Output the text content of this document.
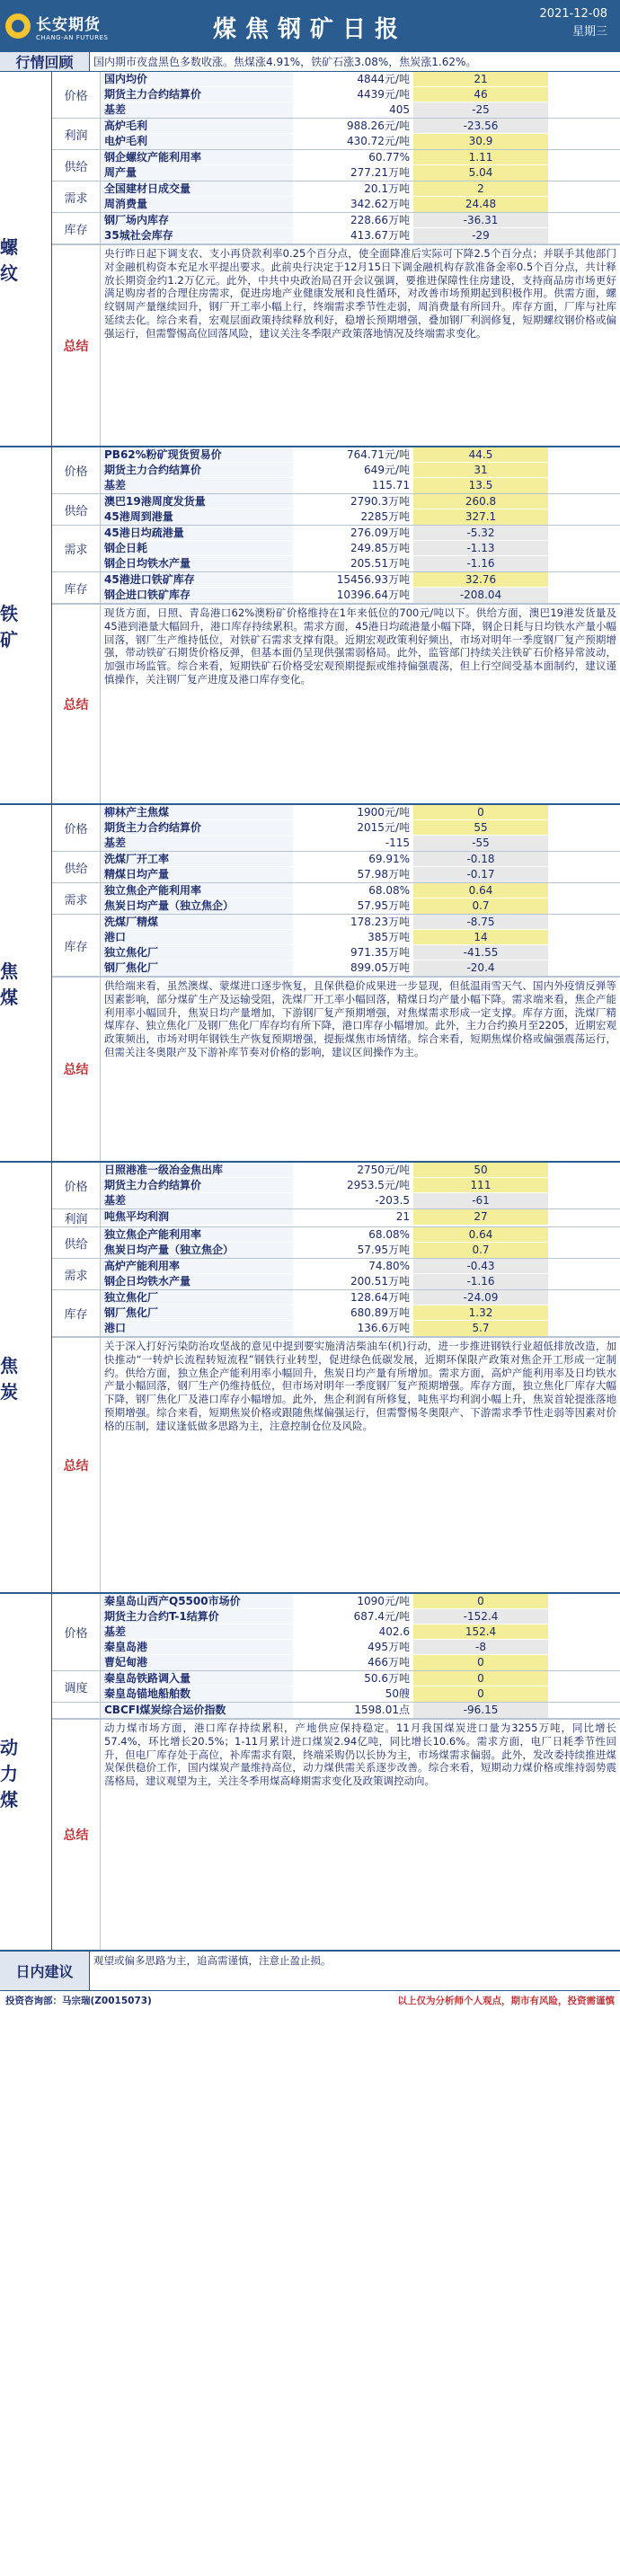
长安期货
CHANG-AN FUTURES	煤焦钢矿日报
2021-12-08
星期三
行情回顾	国内期市夜盘黑色多数收涨。焦煤涨4.91%，铁矿石涨3.08%，焦炭涨1.62%。
螺纹
价格
国内均价	4844元/吨	21
期货主力合约结算价	4439元/吨	46
基差	405	-25
利润
高炉毛利	988.26元/吨	-23.56
电炉毛利	430.72元/吨	30.9
供给
钢企螺纹产能利用率	60.77%	1.11
周产量	277.21万吨	5.04
需求
全国建材日成交量	20.1万吨	2
周消费量	342.62万吨	24.48
库存
钢厂场内库存	228.66万吨	-36.31
35城社会库存	413.67万吨	-29
总结
央行昨日起下调支农、支小再贷款利率0.25个百分点，使全面降准后实际可下降2.5个百分点；并联手其他部门对金融机构资本充足水平提出要求。此前央行决定于12月15日下调金融机构存款准备金率0.5个百分点，共计释放长期资金约1.2万亿元。此外，中共中央政治局召开会议强调，要推进保障性住房建设，支持商品房市场更好满足购房者的合理住房需求，促进房地产业健康发展和良性循环，对改善市场预期起到积极作用。供需方面，螺纹钢周产量继续回升，钢厂开工率小幅上行，终端需求季节性走弱，周消费量有所回升。库存方面，厂库与社库延续去化。综合来看，宏观层面政策持续释放利好，稳增长预期增强，叠加钢厂利润修复，短期螺纹钢价格或偏强运行，但需警惕高位回落风险，建议关注冬季限产政策落地情况及终端需求变化。
铁矿
价格
PB62%粉矿现货贸易价	764.71元/吨	44.5
期货主力合约结算价	649元/吨	31
基差	115.71	13.5
供给
澳巴19港周度发货量	2790.3万吨	260.8
45港周到港量	2285万吨	327.1
需求
45港日均疏港量	276.09万吨	-5.32
钢企日耗	249.85万吨	-1.13
钢企日均铁水产量	205.51万吨	-1.16
库存
45港进口铁矿库存	15456.93万吨	32.76
钢企进口铁矿库存	10396.64万吨	-208.04
总结
现货方面，日照、青岛港口62%澳粉矿价格维持在1年来低位的700元/吨以下。供给方面，澳巴19港发货量及45港到港量大幅回升，港口库存持续累积。需求方面，45港日均疏港量小幅下降，钢企日耗与日均铁水产量小幅回落，钢厂生产维持低位，对铁矿石需求支撑有限。近期宏观政策利好频出，市场对明年一季度钢厂复产预期增强，带动铁矿石期货价格反弹，但基本面仍呈现供强需弱格局。此外，监管部门持续关注铁矿石价格异常波动，加强市场监管。综合来看，短期铁矿石价格受宏观预期提振或维持偏强震荡，但上行空间受基本面制约，建议谨慎操作，关注钢厂复产进度及港口库存变化。
焦煤
价格
柳林产主焦煤	1900元/吨	0
期货主力合约结算价	2015元/吨	55
基差	-115	-55
供给
洗煤厂开工率	69.91%	-0.18
精煤日均产量	57.98万吨	-0.17
需求
独立焦企产能利用率	68.08%	0.64
焦炭日均产量（独立焦企）	57.95万吨	0.7
库存
洗煤厂精煤	178.23万吨	-8.75
港口	385万吨	14
独立焦化厂	971.35万吨	-41.55
钢厂焦化厂	899.05万吨	-20.4
总结
供给端来看，虽然澳煤、蒙煤进口逐步恢复，且保供稳价成果进一步显现，但低温雨雪天气、国内外疫情反弹等因素影响，部分煤矿生产及运输受阻，洗煤厂开工率小幅回落，精煤日均产量小幅下降。需求端来看，焦企产能利用率小幅回升，焦炭日均产量增加，下游钢厂复产预期增强，对焦煤需求形成一定支撑。库存方面，洗煤厂精煤库存、独立焦化厂及钢厂焦化厂库存均有所下降，港口库存小幅增加。此外，主力合约换月至2205，近期宏观政策频出，市场对明年钢铁生产恢复预期增强，提振煤焦市场情绪。综合来看，短期焦煤价格或偏强震荡运行，但需关注冬奥限产及下游补库节奏对价格的影响，建议区间操作为主。
焦炭
价格
日照港准一级冶金焦出库	2750元/吨	50
期货主力合约结算价	2953.5元/吨	111
基差	-203.5	-61
利润	吨焦平均利润	21	27
供给
独立焦企产能利用率	68.08%	0.64
焦炭日均产量（独立焦企）	57.95万吨	0.7
需求
高炉产能利用率	74.80%	-0.43
钢企日均铁水产量	200.51万吨	-1.16
库存
独立焦化厂	128.64万吨	-24.09
钢厂焦化厂	680.89万吨	1.32
港口	136.6万吨	5.7
总结
关于深入打好污染防治攻坚战的意见中提到要实施清洁柴油车(机)行动，进一步推进钢铁行业超低排放改造，加快推动“一转炉长流程转短流程”钢铁行业转型，促进绿色低碳发展，近期环保限产政策对焦企开工形成一定制约。供给方面，独立焦企产能利用率小幅回升，焦炭日均产量有所增加。需求方面，高炉产能利用率及日均铁水产量小幅回落，钢厂生产仍维持低位，但市场对明年一季度钢厂复产预期增强。库存方面，独立焦化厂库存大幅下降，钢厂焦化厂及港口库存小幅增加。此外，焦企利润有所修复，吨焦平均利润小幅上升，焦炭首轮提涨落地预期增强。综合来看，短期焦炭价格或跟随焦煤偏强运行，但需警惕冬奥限产、下游需求季节性走弱等因素对价格的压制，建议逢低做多思路为主，注意控制仓位及风险。
动力煤
价格
秦皇岛山西产Q5500市场价	1090元/吨	0
期货主力合约T-1结算价	687.4元/吨	-152.4
基差	402.6	152.4
秦皇岛港	495万吨	-8
曹妃甸港	466万吨	0
调度
秦皇岛铁路调入量	50.6万吨	0
秦皇岛锚地船舶数	50艘	0
CBCFI煤炭综合运价指数	1598.01点	-96.15
总结
动力煤市场方面，港口库存持续累积，产地供应保持稳定。11月我国煤炭进口量为3255万吨，同比增长57.4%，环比增长20.5%；1-11月累计进口煤炭2.94亿吨，同比增长10.6%。需求方面，电厂日耗季节性回升，但电厂库存处于高位，补库需求有限，终端采购仍以长协为主，市场煤需求偏弱。此外，发改委持续推进煤炭保供稳价工作，国内煤炭产量维持高位，动力煤供需关系逐步改善。综合来看，短期动力煤价格或维持弱势震荡格局，建议观望为主，关注冬季用煤高峰期需求变化及政策调控动向。
日内建议
观望或偏多思路为主，追高需谨慎，注意止盈止损。
投资咨询部：马宗瑞(Z0015073)	以上仅为分析师个人观点，期市有风险，投资需谨慎
